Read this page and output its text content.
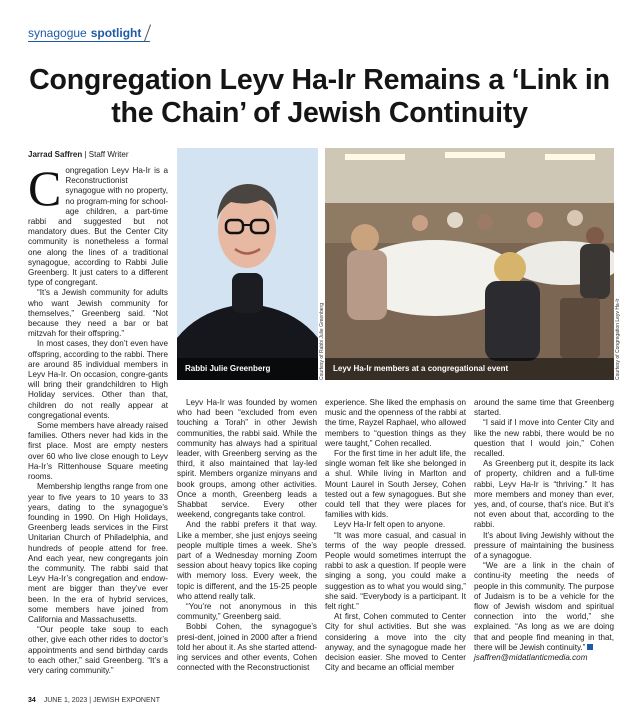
synagogue spotlight
Congregation Leyv Ha-Ir Remains a ‘Link in the Chain’ of Jewish Continuity
Jarrad Saffren | Staff Writer
Rabbi Julie Greenberg	Courtesy of Rabbi Julie Greenberg	Leyv Ha-Ir members at a congregational event	Courtesy of Congregation Leyv Ha-Ir

Congregation Leyv Ha-Ir is a Reconstructionist synagogue with no property, no program-ming for school-age children, a part-time rabbi and suggested but not mandatory dues. But the Center City community is nonetheless a formal one along the lines of a traditional synagogue, according to Rabbi Julie Greenberg. It just caters to a different type of congregant.

“It’s a Jewish community for adults who want Jewish community for themselves,” Greenberg said. “Not because they need a bar or bat mitzvah for their offspring.”

In most cases, they don’t even have offspring, according to the rabbi. There are around 85 individual members in Leyv Ha-Ir. On occasion, congre-gants will bring their grandchildren to High Holiday services. Other than that, children do not really appear at congregational events.

Some members have already raised families. Others never had kids in the first place. Most are empty nesters over 60 who live close enough to Leyv Ha-Ir’s Rittenhouse Square meeting rooms.

Membership lengths range from one year to five years to 10 years to 33 years, dating to the synagogue’s founding in 1990. On High Holidays, Greenberg leads services in the First Unitarian Church of Philadelphia, and hundreds of people attend for free. And each year, new congregants join the community. The rabbi said that Leyv Ha-Ir’s congregation and endow-ment are bigger than they’ve ever been. In the era of hybrid services, some members have joined from California and Massachusetts.

“Our people take soup to each other, give each other rides to doctor’s appointments and send birthday cards to each other,” said Greenberg. “It’s a very caring community.”

Leyv Ha-Ir was founded by women who had been “excluded from even touching a Torah” in other Jewish communities, the rabbi said. While the community has always had a spiritual leader, with Greenberg serving as the third, it also maintained that lay-led spirit. Members organize minyans and book groups, among other activities. Once a month, Greenberg leads a Shabbat service. Every other weekend, congregants take control.

And the rabbi prefers it that way. Like a member, she just enjoys seeing people multiple times a week. She’s part of a Wednesday morning Zoom session about heavy topics like coping with memory loss. Every week, the topic is different, and the 15-25 people who attend really talk.

“You’re not anonymous in this community,” Greenberg said.

Bobbi Cohen, the synagogue’s presi-dent, joined in 2000 after a friend told her about it. As she started attend-ing services and other events, Cohen connected with the Reconstructionist

experience. She liked the emphasis on music and the openness of the rabbi at the time, Rayzel Raphael, who allowed members to “question things as they were taught,” Cohen recalled.

For the first time in her adult life, the single woman felt like she belonged in a shul. While living in Marlton and Mount Laurel in South Jersey, Cohen tested out a few synagogues. But she could tell that they were places for families with kids.

Leyv Ha-Ir felt open to anyone.

“It was more casual, and casual in terms of the way people dressed. People would sometimes interrupt the rabbi to ask a question. If people were singing a song, you could make a suggestion as to what you would sing,” she said. “Everybody is a participant. It felt right.”

At first, Cohen commuted to Center City for shul activities. But she was considering a move into the city anyway, and the synagogue made her decision easier. She moved to Center City and became an official member

around the same time that Greenberg started.

“I said if I move into Center City and like the new rabbi, there would be no question that I would join,” Cohen recalled.

As Greenberg put it, despite its lack of property, children and a full-time rabbi, Leyv Ha-Ir is “thriving.” It has more members and money than ever, yes, and, of course, that’s nice. But it’s not even about that, according to the rabbi.

It’s about living Jewishly without the pressure of maintaining the business of a synagogue.

“We are a link in the chain of continu-ity meeting the needs of people in this community. The purpose of Judaism is to be a vehicle for the flow of Jewish wisdom and spiritual connection into the world,” she explained. “As long as we are doing that and people find meaning in that, there will be Jewish continuity.”

jsaffren@midatlanticmedia.com

34 JUNE 1, 2023 | JEWISH EXPONENT
